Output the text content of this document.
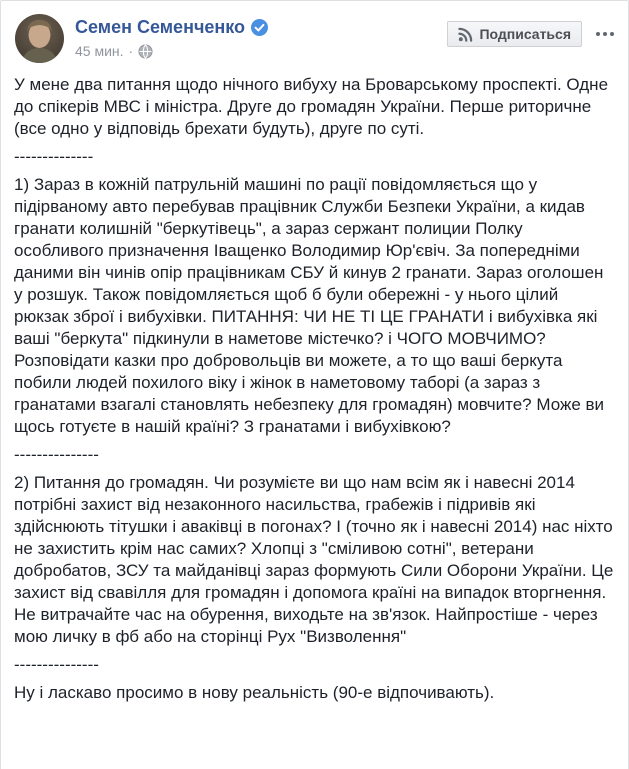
Семен Семенченко
45 мин. ·
Подписаться

У мене два питання щодо нічного вибуху на Броварському проспекті. Одне до спікерів МВС і міністра. Друге до громадян України. Перше риторичне (все одно у відповідь брехати будуть), друге по суті.

--------------

1) Зараз в кожній патрульній машині по рації повідомляється що у підірваному авто перебував працівник Служби Безпеки України, а кидав гранати колишній "беркутівець", а зараз сержант полиции Полку особливого призначення Іващенко Володимир Юр'євіч. За попередніми даними він чинів опір працівникам СБУ й кинув 2 гранати. Зараз оголошен у розшук. Також повідомляється щоб б були обережні - у нього цілий рюкзак зброї і вибухівки. ПИТАННЯ: ЧИ НЕ ТІ ЦЕ ГРАНАТИ і вибухівка які ваші "беркута" підкинули в наметове містечко? і ЧОГО МОВЧИМО? Розповідати казки про добровольців ви можете, а то що ваші беркута побили людей похилого віку і жінок в наметовому таборі (а зараз з гранатами взагалі становлять небезпеку для громадян) мовчите? Може ви щось готуєте в нашій країні? З гранатами і вибухівкою?

---------------

2) Питання до громадян. Чи розумієте ви що нам всім як і навесні 2014 потрібні захист від незаконного насильства, грабежів і підривів які здійснюють тітушки і аваківці в погонах? І (точно як і навесні 2014) нас ніхто не захистить крім нас самих? Хлопці з "сміливою сотні", ветерани добробатов, ЗСУ та майданівці зараз формують Сили Оборони України. Це захист від свавілля для громадян і допомога країні на випадок вторгнення. Не витрачайте час на обурення, виходьте на зв'язок. Найпростіше - через мою личку в фб або на сторінці Рух "Визволення"

---------------

Ну і ласкаво просимо в нову реальність (90-е відпочивають).
